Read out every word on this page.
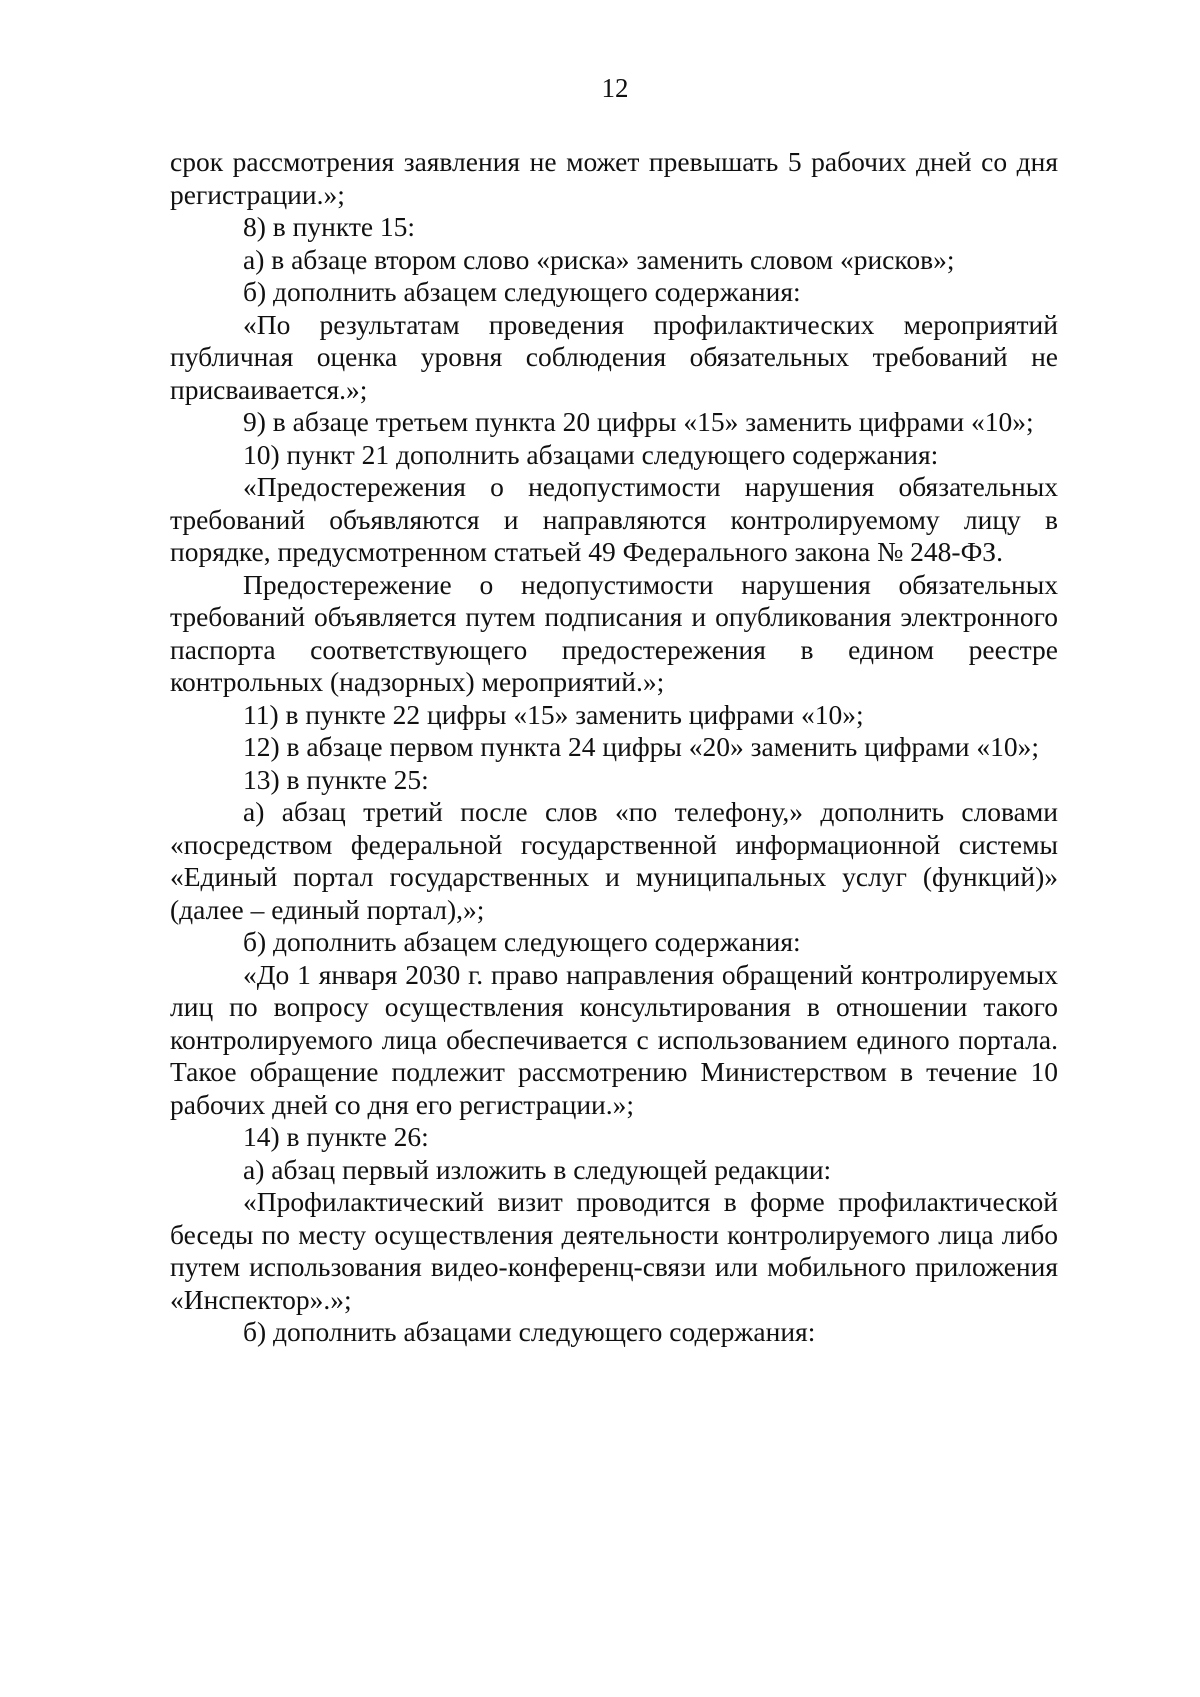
12

срок рассмотрения заявления не может превышать 5 рабочих дней со дня регистрации.»;

8) в пункте 15:

а) в абзаце втором слово «риска» заменить словом «рисков»;

б) дополнить абзацем следующего содержания:

«По результатам проведения профилактических мероприятий публичная оценка уровня соблюдения обязательных требований не присваивается.»;

9) в абзаце третьем пункта 20 цифры «15» заменить цифрами «10»;

10) пункт 21 дополнить абзацами следующего содержания:

«Предостережения о недопустимости нарушения обязательных требований объявляются и направляются контролируемому лицу в порядке, предусмотренном статьей 49 Федерального закона № 248-ФЗ.

Предостережение о недопустимости нарушения обязательных требований объявляется путем подписания и опубликования электронного паспорта соответствующего предостережения в едином реестре контрольных (надзорных) мероприятий.»;

11) в пункте 22 цифры «15» заменить цифрами «10»;

12) в абзаце первом пункта 24 цифры «20» заменить цифрами «10»;

13) в пункте 25:

а) абзац третий после слов «по телефону,» дополнить словами «посредством федеральной государственной информационной системы «Единый портал государственных и муниципальных услуг (функций)» (далее – единый портал),»;

б) дополнить абзацем следующего содержания:

«До 1 января 2030 г. право направления обращений контролируемых лиц по вопросу осуществления консультирования в отношении такого контролируемого лица обеспечивается с использованием единого портала. Такое обращение подлежит рассмотрению Министерством в течение 10 рабочих дней со дня его регистрации.»;

14) в пункте 26:

а) абзац первый изложить в следующей редакции:

«Профилактический визит проводится в форме профилактической беседы по месту осуществления деятельности контролируемого лица либо путем использования видео-конференц-связи или мобильного приложения «Инспектор».»;

б) дополнить абзацами следующего содержания:
